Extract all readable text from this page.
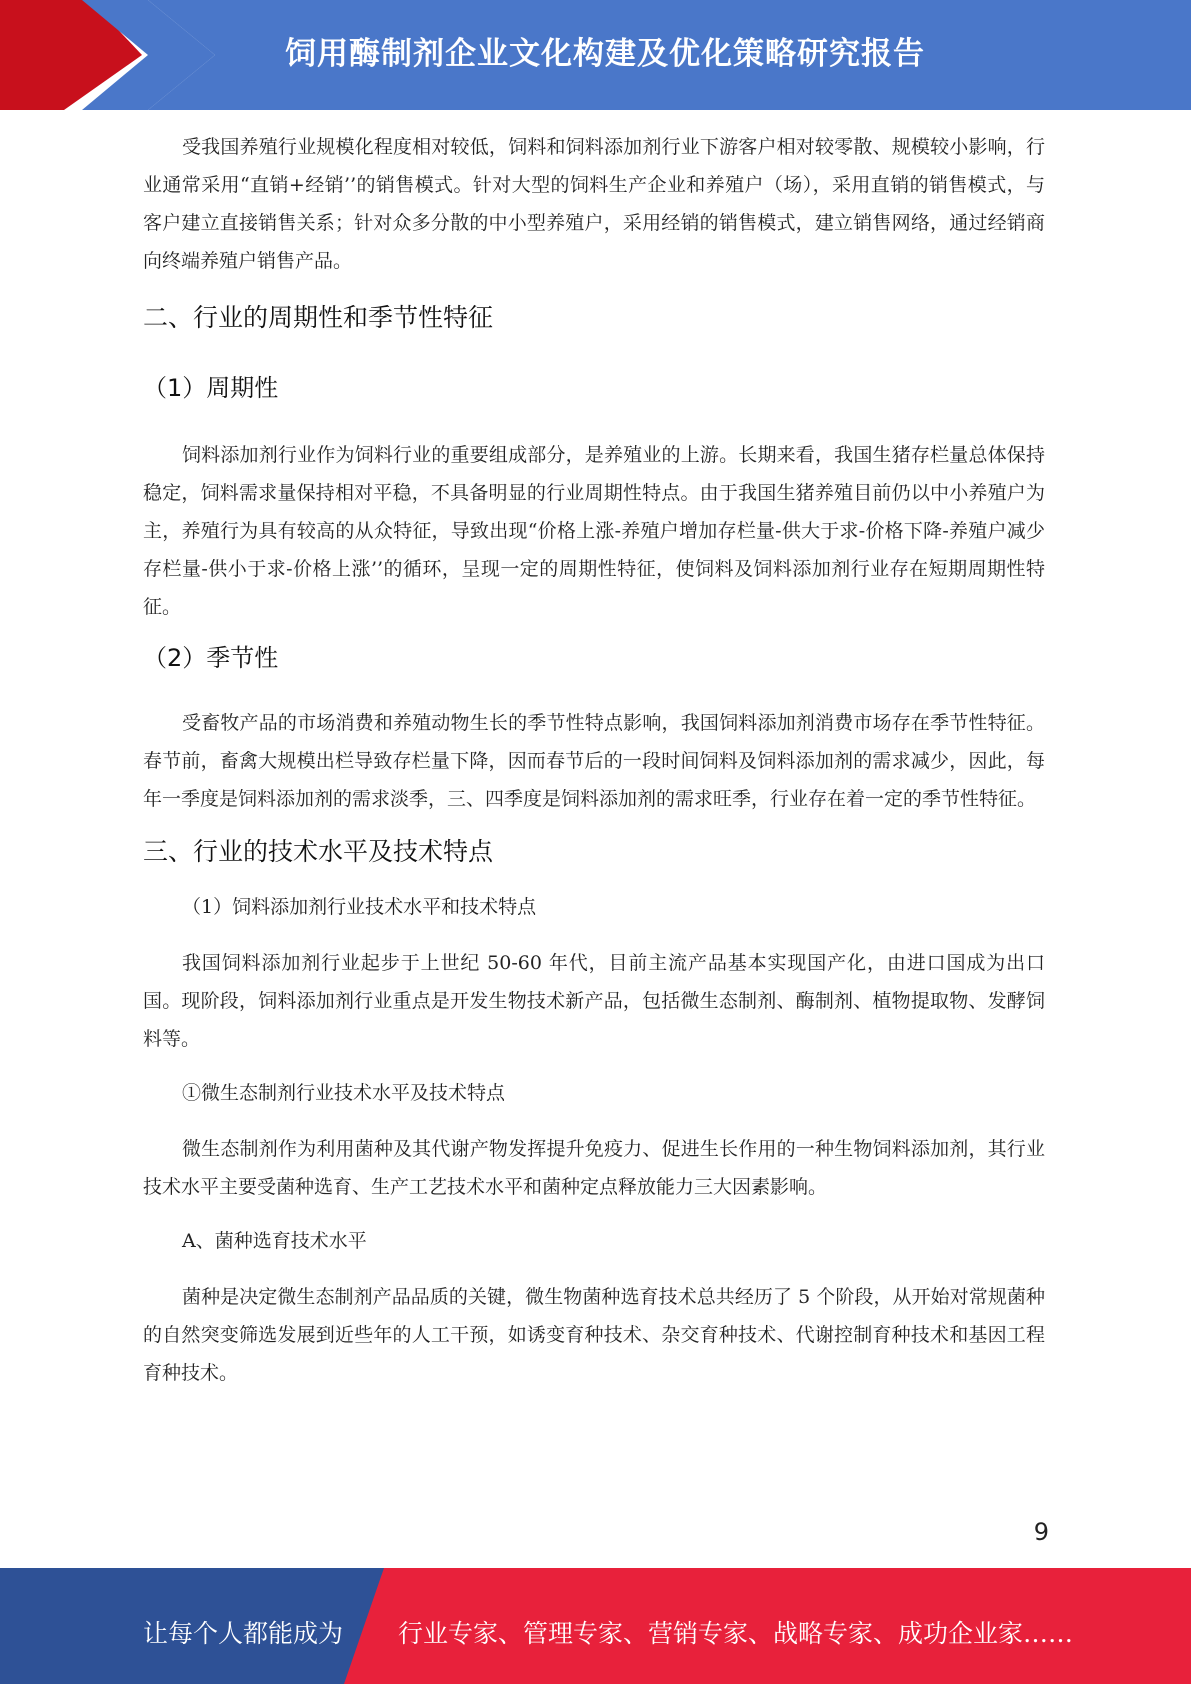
饲用酶制剂企业文化构建及优化策略研究报告

受我国养殖行业规模化程度相对较低，饲料和饲料添加剂行业下游客户相对较零散、规模较小影响，行业通常采用“直销+经销’’的销售模式。针对大型的饲料生产企业和养殖户（场），采用直销的销售模式，与客户建立直接销售关系；针对众多分散的中小型养殖户，采用经销的销售模式，建立销售网络，通过经销商向终端养殖户销售产品。

二、行业的周期性和季节性特征
（1）周期性

饲料添加剂行业作为饲料行业的重要组成部分，是养殖业的上游。长期来看，我国生猪存栏量总体保持稳定，饲料需求量保持相对平稳，不具备明显的行业周期性特点。由于我国生猪养殖目前仍以中小养殖户为主，养殖行为具有较高的从众特征，导致出现“价格上涨-养殖户增加存栏量-供大于求-价格下降-养殖户减少存栏量-供小于求-价格上涨’’的循环，呈现一定的周期性特征，使饲料及饲料添加剂行业存在短期周期性特征。

（2）季节性

受畜牧产品的市场消费和养殖动物生长的季节性特点影响，我国饲料添加剂消费市场存在季节性特征。春节前，畜禽大规模出栏导致存栏量下降，因而春节后的一段时间饲料及饲料添加剂的需求减少，因此，每年一季度是饲料添加剂的需求淡季，三、四季度是饲料添加剂的需求旺季，行业存在着一定的季节性特征。

三、行业的技术水平及技术特点
（1）饲料添加剂行业技术水平和技术特点

我国饲料添加剂行业起步于上世纪 50-60 年代，目前主流产品基本实现国产化，由进口国成为出口国。现阶段，饲料添加剂行业重点是开发生物技术新产品，包括微生态制剂、酶制剂、植物提取物、发酵饲料等。

①微生态制剂行业技术水平及技术特点

微生态制剂作为利用菌种及其代谢产物发挥提升免疫力、促进生长作用的一种生物饲料添加剂，其行业技术水平主要受菌种选育、生产工艺技术水平和菌种定点释放能力三大因素影响。

A、菌种选育技术水平

菌种是决定微生态制剂产品品质的关键，微生物菌种选育技术总共经历了 5 个阶段，从开始对常规菌种的自然突变筛选发展到近些年的人工干预，如诱变育种技术、杂交育种技术、代谢控制育种技术和基因工程育种技术。

9
让每个人都能成为 行业专家、管理专家、营销专家、战略专家、成功企业家……
